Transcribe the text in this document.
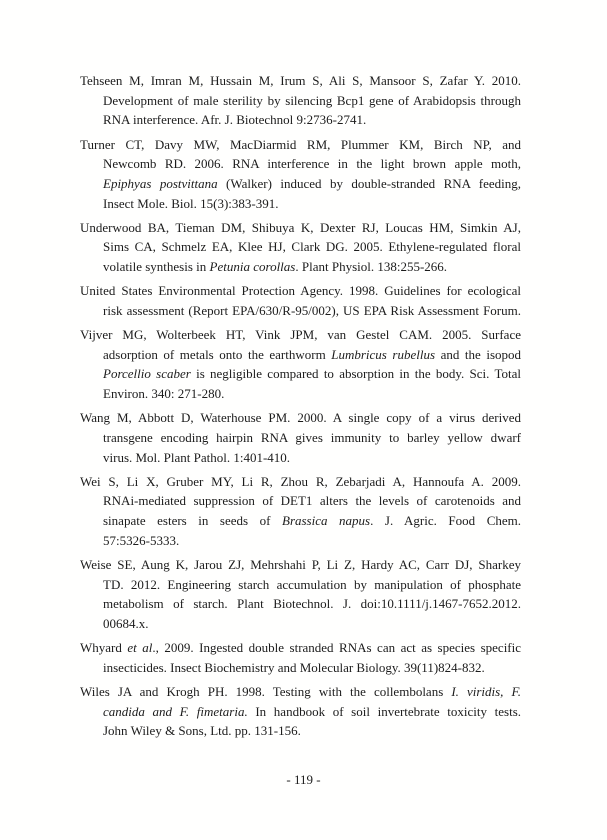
Tehseen M, Imran M, Hussain M, Irum S, Ali S, Mansoor S, Zafar Y. 2010.
Development of male sterility by silencing Bcp1 gene of Arabidopsis through
RNA interference. Afr. J. Biotechnol 9:2736-2741.
Turner CT, Davy MW, MacDiarmid RM, Plummer KM, Birch NP, and
Newcomb RD. 2006. RNA interference in the light brown apple moth,
Epiphyas postvittana (Walker) induced by double-stranded RNA feeding,
Insect Mole. Biol. 15(3):383-391.
Underwood BA, Tieman DM, Shibuya K, Dexter RJ, Loucas HM, Simkin AJ,
Sims CA, Schmelz EA, Klee HJ, Clark DG. 2005. Ethylene-regulated floral
volatile synthesis in Petunia corollas. Plant Physiol. 138:255-266.
United States Environmental Protection Agency. 1998. Guidelines for ecological
risk assessment (Report EPA/630/R-95/002), US EPA Risk Assessment Forum.
Vijver MG, Wolterbeek HT, Vink JPM, van Gestel CAM. 2005. Surface
adsorption of metals onto the earthworm Lumbricus rubellus and the isopod
Porcellio scaber is negligible compared to absorption in the body. Sci. Total
Environ. 340: 271-280.
Wang M, Abbott D, Waterhouse PM. 2000. A single copy of a virus derived
transgene encoding hairpin RNA gives immunity to barley yellow dwarf
virus. Mol. Plant Pathol. 1:401-410.
Wei S, Li X, Gruber MY, Li R, Zhou R, Zebarjadi A, Hannoufa A. 2009.
RNAi-mediated suppression of DET1 alters the levels of carotenoids and
sinapate esters in seeds of Brassica napus. J. Agric. Food Chem.
57:5326-5333.
Weise SE, Aung K, Jarou ZJ, Mehrshahi P, Li Z, Hardy AC, Carr DJ, Sharkey
TD. 2012. Engineering starch accumulation by manipulation of phosphate
metabolism of starch. Plant Biotechnol. J. doi:10.1111/j.1467-7652.2012.
00684.x.
Whyard et al., 2009. Ingested double stranded RNAs can act as species specific
insecticides. Insect Biochemistry and Molecular Biology. 39(11)824-832.
Wiles JA and Krogh PH. 1998. Testing with the collembolans I. viridis, F.
candida and F. fimetaria. In handbook of soil invertebrate toxicity tests.
John Wiley & Sons, Ltd. pp. 131-156.
- 119 -
